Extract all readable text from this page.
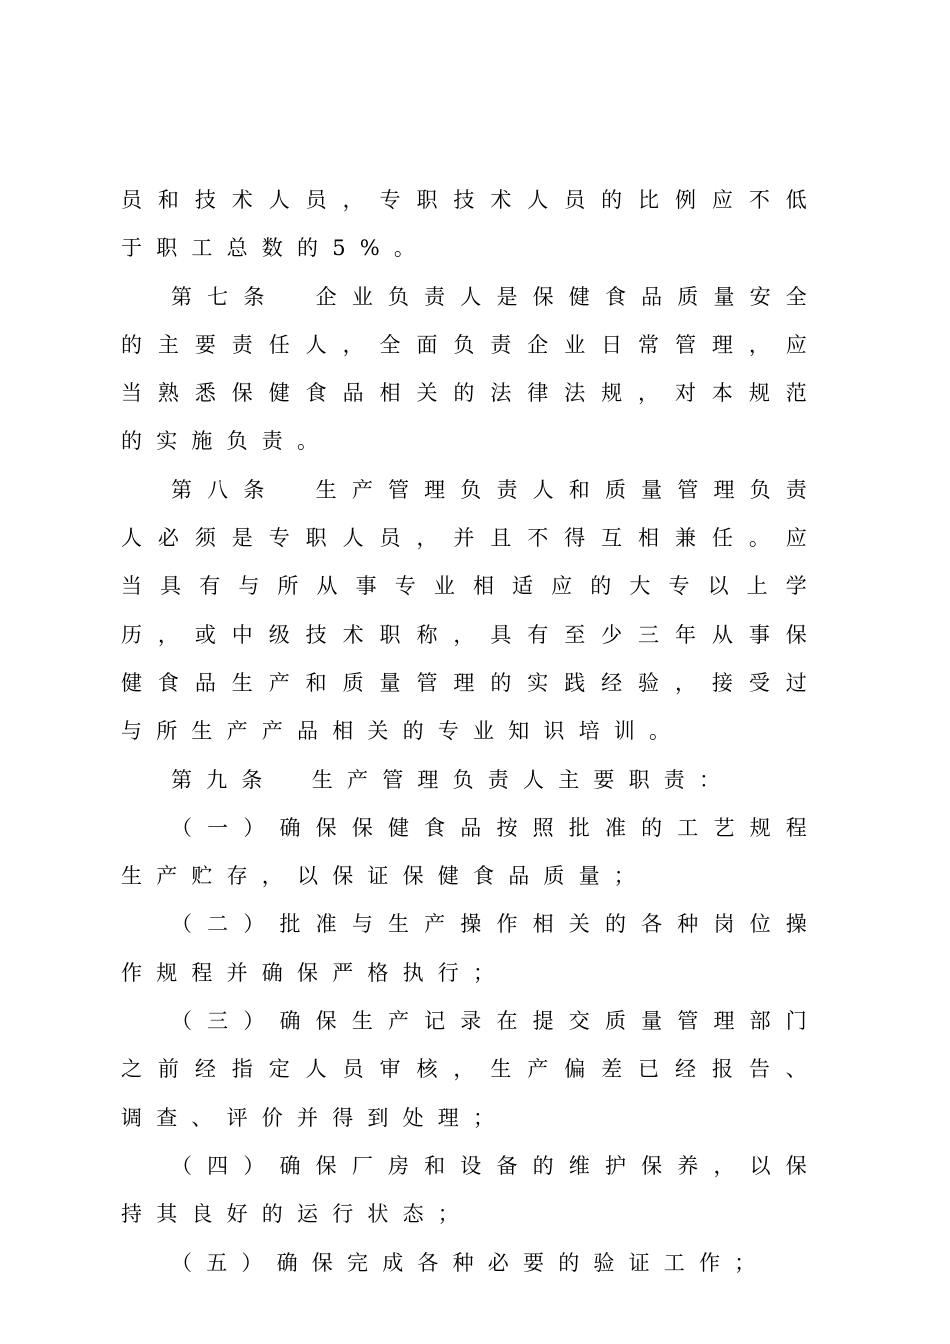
员和技术人员，专职技术人员的比例应不低于职工总数的5%。

第七条　企业负责人是保健食品质量安全的主要责任人，全面负责企业日常管理，应当熟悉保健食品相关的法律法规，对本规范的实施负责。

第八条　生产管理负责人和质量管理负责人必须是专职人员，并且不得互相兼任。应当具有与所从事专业相适应的大专以上学历，或中级技术职称，具有至少三年从事保健食品生产和质量管理的实践经验，接受过与所生产产品相关的专业知识培训。

第九条　生产管理负责人主要职责：

（一）确保保健食品按照批准的工艺规程生产贮存，以保证保健食品质量；

（二）批准与生产操作相关的各种岗位操作规程并确保严格执行；

（三）确保生产记录在提交质量管理部门之前经指定人员审核，生产偏差已经报告、调查、评价并得到处理；

（四）确保厂房和设备的维护保养，以保持其良好的运行状态；

（五）确保完成各种必要的验证工作；
